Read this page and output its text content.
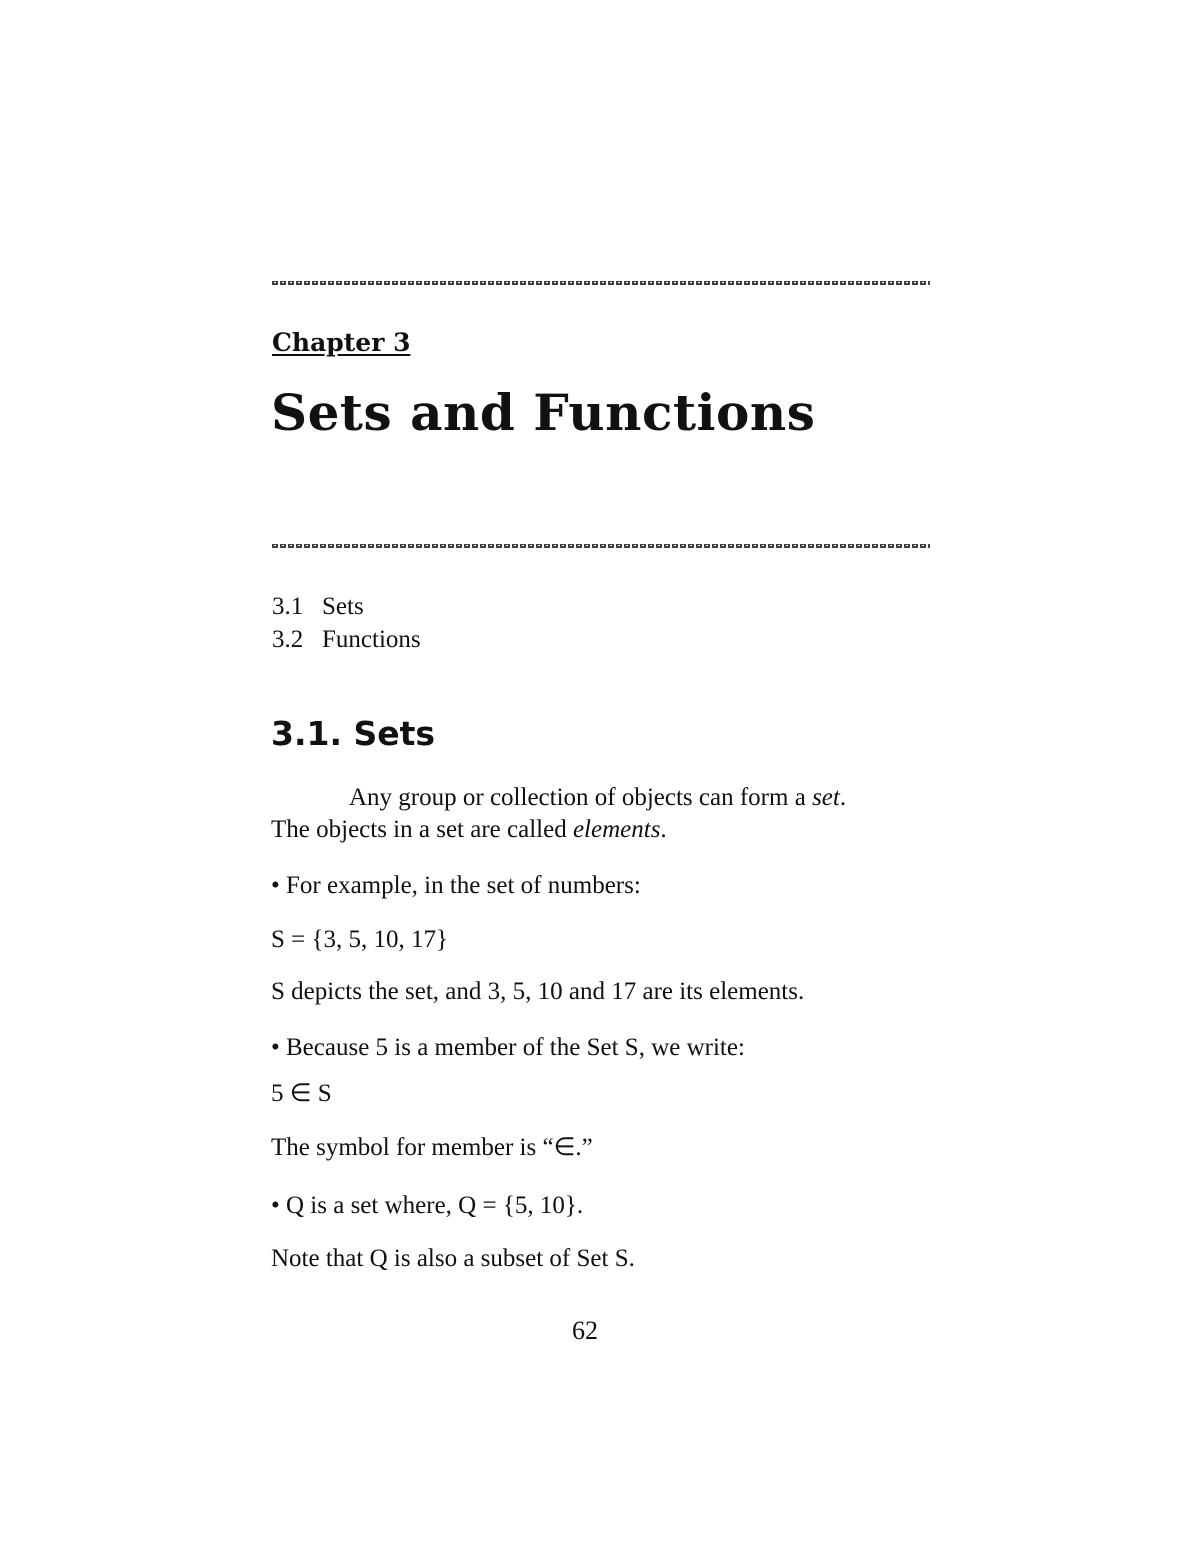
Chapter 3
Sets and Functions
3.1 Sets
3.2 Functions
3.1. Sets
Any group or collection of objects can form a set.
The objects in a set are called elements.
• For example, in the set of numbers:
S = {3, 5, 10, 17}
S depicts the set, and 3, 5, 10 and 17 are its elements.
• Because 5 is a member of the Set S, we write:
5 ∈ S
The symbol for member is “∈.”
• Q is a set where, Q = {5, 10}.
Note that Q is also a subset of Set S.
62
